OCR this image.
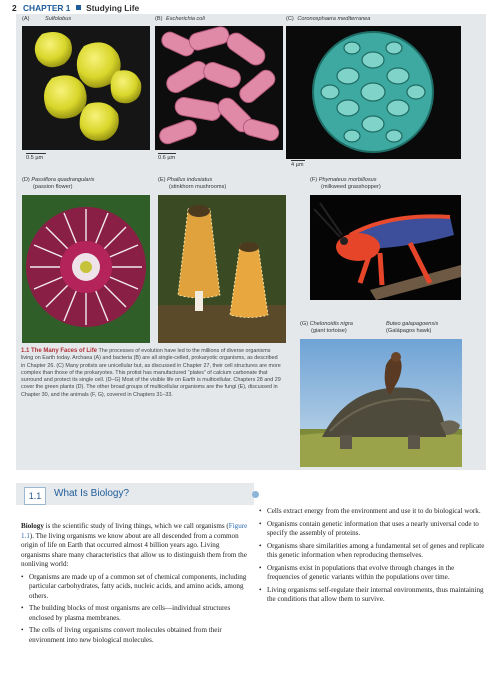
2 CHAPTER 1 Studying Life
(A)	Sulfolobus
0.5 µm
(B) Escherichia coli
0.6 µm
(C) Coronosphaera mediterranea
4 µm
(D) Passiflora quadrangularis
(passion flower)
(E) Phallus indusiatus
(stinkhorn mushrooms)
(F) Phymateus morbillosus
(milkweed grasshopper)
(G) Chelonoidis nigra
(giant tortoise)
Buteo galapagoensis
(Galápagos hawk)
1.1 The Many Faces of Life The processes of evolution have led to the millions of diverse organisms living on Earth today. Archaea (A) and bacteria (B) are all single-celled, prokaryotic organisms, as described in Chapter 26. (C) Many protists are unicellular but, as discussed in Chapter 27, their cell structures are more complex than those of the prokaryotes. This protist has manufactured “plates” of calcium carbonate that surround and protect its single cell. (D–G) Most of the visible life on Earth is multicellular. Chapters 28 and 29 cover the green plants (D). The other broad groups of multicellular organisms are the fungi (E), discussed in Chapter 30, and the animals (F, G), covered in Chapters 31–33.
1.1	What Is Biology?

Biology is the scientific study of living things, which we call organisms (Figure 1.1). The living organisms we know about are all descended from a common origin of life on Earth that occurred almost 4 billion years ago. Living organisms share many characteristics that allow us to distinguish them from the nonliving world:

• Organisms are made up of a common set of chemical components, including particular carbohydrates, fatty acids, nucleic acids, and amino acids, among others.
• The building blocks of most organisms are cells—individual structures enclosed by plasma membranes.
• The cells of living organisms convert molecules obtained from their environment into new biological molecules.
• Cells extract energy from the environment and use it to do biological work.
• Organisms contain genetic information that uses a nearly universal code to specify the assembly of proteins.
• Organisms share similarities among a fundamental set of genes and replicate this genetic information when reproducing themselves.
• Organisms exist in populations that evolve through changes in the frequencies of genetic variants within the populations over time.
• Living organisms self-regulate their internal environments, thus maintaining the conditions that allow them to survive.
